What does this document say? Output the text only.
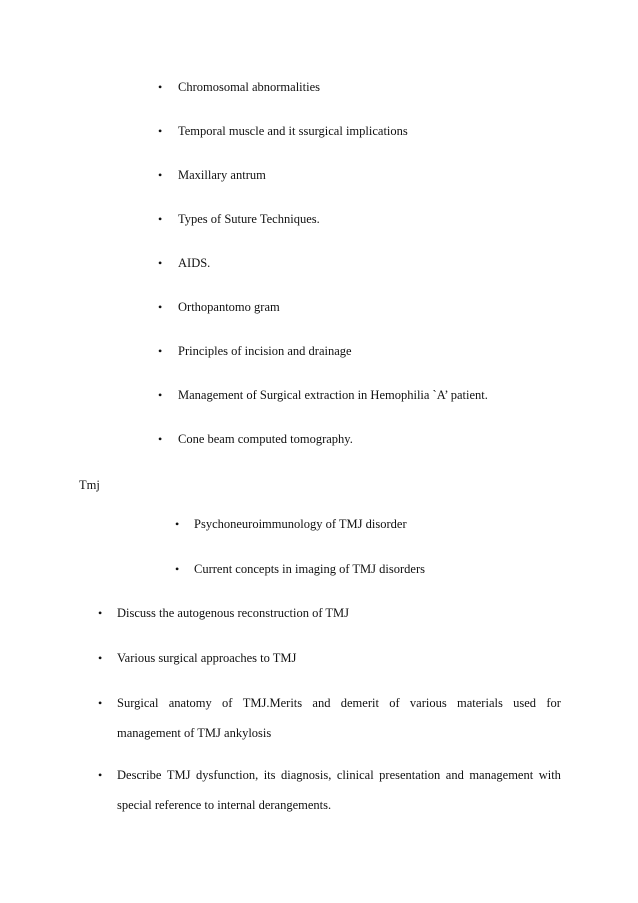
• Chromosomal abnormalities
• Temporal muscle and it ssurgical implications
• Maxillary antrum
• Types of Suture Techniques.
• AIDS.
• Orthopantomo gram
• Principles of incision and drainage
• Management of Surgical extraction in Hemophilia `A’ patient.
• Cone beam computed tomography.
Tmj
• Psychoneuroimmunology of TMJ disorder
• Current concepts in imaging of TMJ disorders
• Discuss the autogenous reconstruction of TMJ
• Various surgical approaches to TMJ
• Surgical anatomy of TMJ.Merits and demerit of various materials used for
management of TMJ ankylosis
• Describe TMJ dysfunction, its diagnosis, clinical presentation and management with
special reference to internal derangements.
